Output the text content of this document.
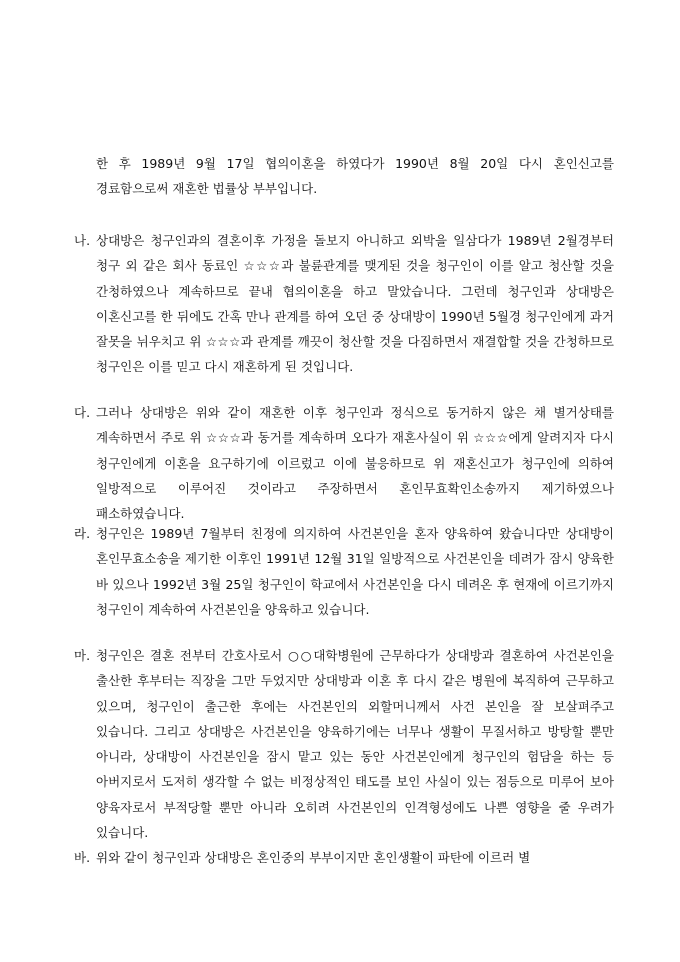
한 후 1989년 9월 17일 협의이혼을 하였다가 1990년 8월 20일 다시 혼인신고를 경료함으로써 재혼한 법률상 부부입니다.
나. 상대방은 청구인과의 결혼이후 가정을 돌보지 아니하고 외박을 일삼다가 1989년 2월경부터 청구 외 같은 회사 동료인 ☆☆☆과 불륜관계를 맺게된 것을 청구인이 이를 알고 청산할 것을 간청하였으나 계속하므로 끝내 협의이혼을 하고 말았습니다. 그런데 청구인과 상대방은 이혼신고를 한 뒤에도 간혹 만나 관계를 하여 오던 중 상대방이 1990년 5월경 청구인에게 과거 잘못을 뉘우치고 위 ☆☆☆과 관계를 깨끗이 청산할 것을 다짐하면서 재결합할 것을 간청하므로 청구인은 이를 믿고 다시 재혼하게 된 것입니다.
다. 그러나 상대방은 위와 같이 재혼한 이후 청구인과 정식으로 동거하지 않은 채 별거상태를 계속하면서 주로 위 ☆☆☆과 동거를 계속하며 오다가 재혼사실이 위 ☆☆☆에게 알려지자 다시 청구인에게 이혼을 요구하기에 이르렀고 이에 불응하므로 위 재혼신고가 청구인에 의하여 일방적으로 이루어진 것이라고 주장하면서 혼인무효확인소송까지 제기하였으나 패소하였습니다.
라. 청구인은 1989년 7월부터 친정에 의지하여 사건본인을 혼자 양육하여 왔습니다만 상대방이 혼인무효소송을 제기한 이후인 1991년 12월 31일 일방적으로 사건본인을 데려가 잠시 양육한 바 있으나 1992년 3월 25일 청구인이 학교에서 사건본인을 다시 데려온 후 현재에 이르기까지 청구인이 계속하여 사건본인을 양육하고 있습니다.
마. 청구인은 결혼 전부터 간호사로서 ○○대학병원에 근무하다가 상대방과 결혼하여 사건본인을 출산한 후부터는 직장을 그만 두었지만 상대방과 이혼 후 다시 같은 병원에 복직하여 근무하고 있으며, 청구인이 출근한 후에는 사건본인의 외할머니께서 사건 본인을 잘 보살펴주고 있습니다. 그리고 상대방은 사건본인을 양육하기에는 너무나 생활이 무질서하고 방탕할 뿐만 아니라, 상대방이 사건본인을 잠시 맡고 있는 동안 사건본인에게 청구인의 험담을 하는 등 아버지로서 도저히 생각할 수 없는 비정상적인 태도를 보인 사실이 있는 점등으로 미루어 보아 양육자로서 부적당할 뿐만 아니라 오히려 사건본인의 인격형성에도 나쁜 영향을 줄 우려가 있습니다.
바. 위와 같이 청구인과 상대방은 혼인중의 부부이지만 혼인생활이 파탄에 이르러 별
